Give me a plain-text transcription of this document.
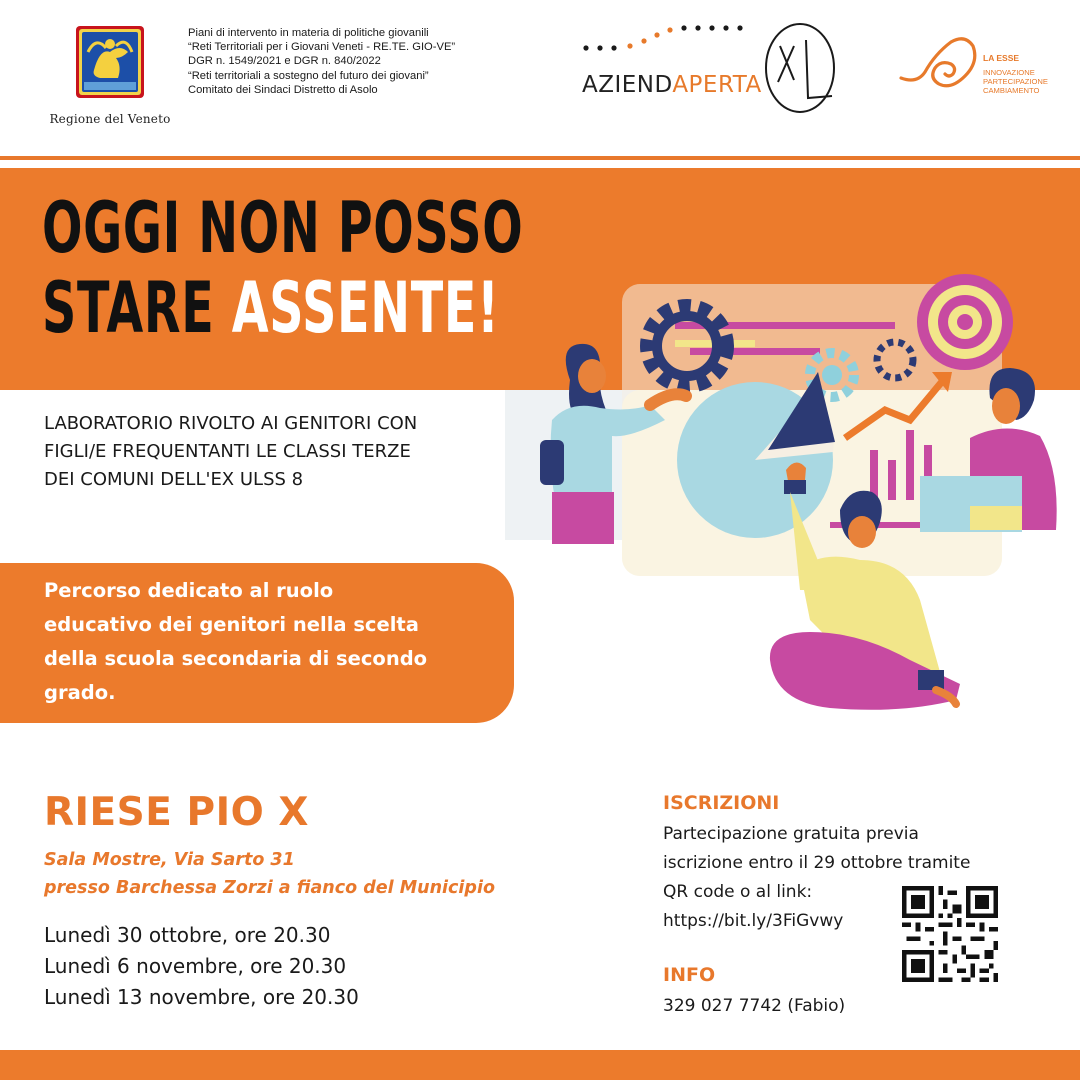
Regione del Veneto
Piani di intervento in materia di politiche giovanili
“Reti Territoriali per i Giovani Veneti - RE.TE. GIO-VE”
DGR n. 1549/2021 e DGR n. 840/2022
“Reti territoriali a sostegno del futuro dei giovani”
Comitato dei Sindaci Distretto di Asolo	AZIENDAPERTA
LA ESSE
INNOVAZIONE
PARTECIPAZIONE
CAMBIAMENTO
OGGI NON POSSO
STARE ASSENTE!
LABORATORIO RIVOLTO AI GENITORI CON
FIGLI/E FREQUENTANTI LE CLASSI TERZE
DEI COMUNI DELL'EX ULSS 8
Percorso dedicato al ruolo
educativo dei genitori nella scelta
della scuola secondaria di secondo
grado.
RIESE PIO X
Sala Mostre, Via Sarto 31
presso Barchessa Zorzi a fianco del Municipio
Lunedì 30 ottobre, ore 20.30
Lunedì 6 novembre, ore 20.30
Lunedì 13 novembre, ore 20.30
ISCRIZIONI
Partecipazione gratuita previa
iscrizione entro il 29 ottobre tramite
QR code o al link:
https://bit.ly/3FiGvwy
INFO
329 027 7742 (Fabio)
